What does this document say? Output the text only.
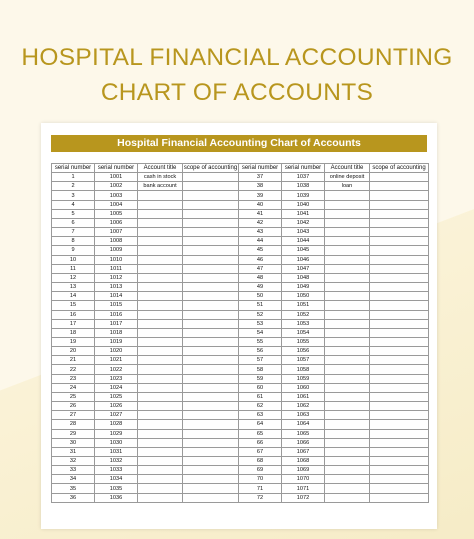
HOSPITAL FINANCIAL ACCOUNTING
CHART OF ACCOUNTS
Hospital Financial Accounting Chart of Accounts
serial number	serial number	Account title	scope of accounting	serial number	serial number	Account title	scope of accounting
1	1001	cash in stock		37	1037	online deposit	
2	1002	bank account		38	1038	loan	
3	1003			39	1039		
4	1004			40	1040		
5	1005			41	1041		
6	1006			42	1042		
7	1007			43	1043		
8	1008			44	1044		
9	1009			45	1045		
10	1010			46	1046		
11	1011			47	1047		
12	1012			48	1048		
13	1013			49	1049		
14	1014			50	1050		
15	1015			51	1051		
16	1016			52	1052		
17	1017			53	1053		
18	1018			54	1054		
19	1019			55	1055		
20	1020			56	1056		
21	1021			57	1057		
22	1022			58	1058		
23	1023			59	1059		
24	1024			60	1060		
25	1025			61	1061		
26	1026			62	1062		
27	1027			63	1063		
28	1028			64	1064		
29	1029			65	1065		
30	1030			66	1066		
31	1031			67	1067		
32	1032			68	1068		
33	1033			69	1069		
34	1034			70	1070		
35	1035			71	1071		
36	1036			72	1072		
